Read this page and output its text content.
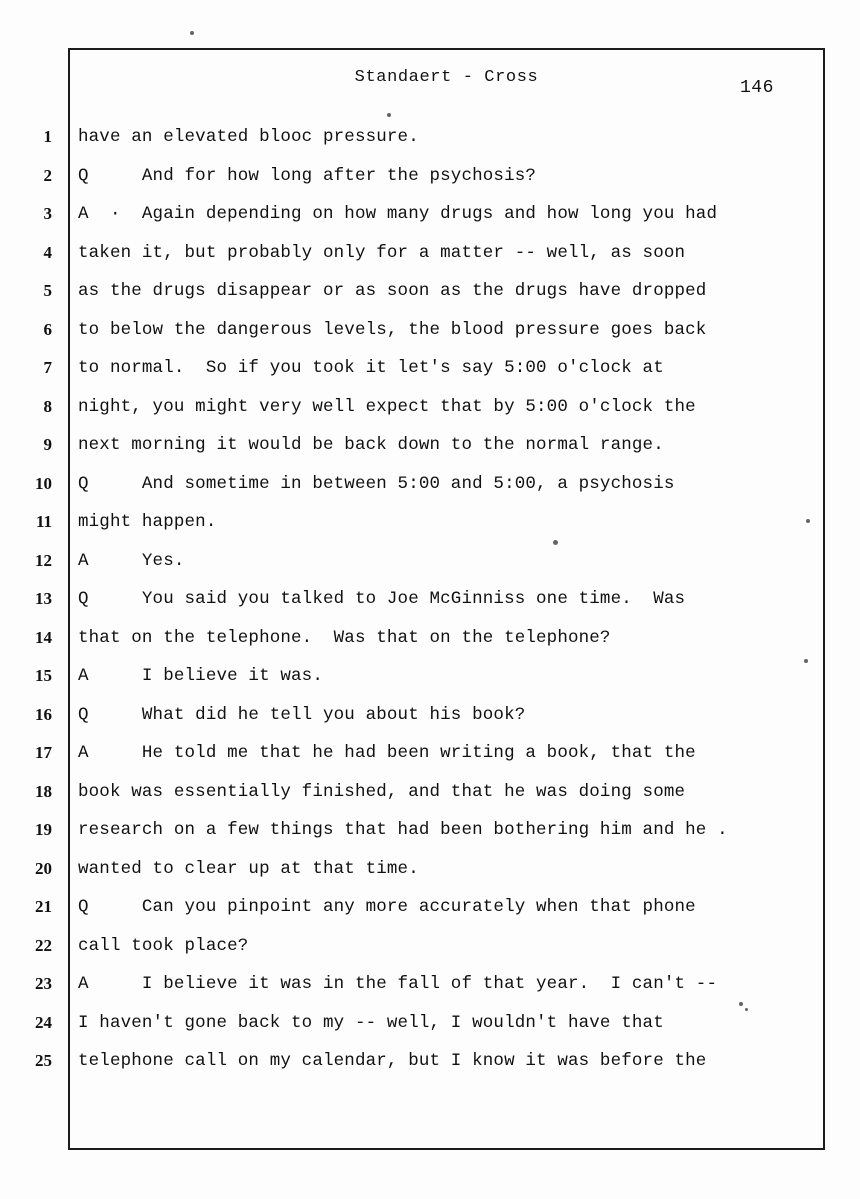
Standaert - Cross
146
1 have an elevated blooc pressure.
2 Q     And for how long after the psychosis?
3 A  ·  Again depending on how many drugs and how long you had
4 taken it, but probably only for a matter -- well, as soon
5 as the drugs disappear or as soon as the drugs have dropped
6 to below the dangerous levels, the blood pressure goes back
7 to normal.  So if you took it let's say 5:00 o'clock at
8 night, you might very well expect that by 5:00 o'clock the
9 next morning it would be back down to the normal range.
10 Q     And sometime in between 5:00 and 5:00, a psychosis
11 might happen.
12 A     Yes.
13 Q     You said you talked to Joe McGinniss one time.  Was
14 that on the telephone.  Was that on the telephone?
15 A     I believe it was.
16 Q     What did he tell you about his book?
17 A     He told me that he had been writing a book, that the
18 book was essentially finished, and that he was doing some
19 research on a few things that had been bothering him and he .
20 wanted to clear up at that time.
21 Q     Can you pinpoint any more accurately when that phone
22 call took place?
23 A     I believe it was in the fall of that year.  I can't --
24 I haven't gone back to my -- well, I wouldn't have that
25 telephone call on my calendar, but I know it was before the
